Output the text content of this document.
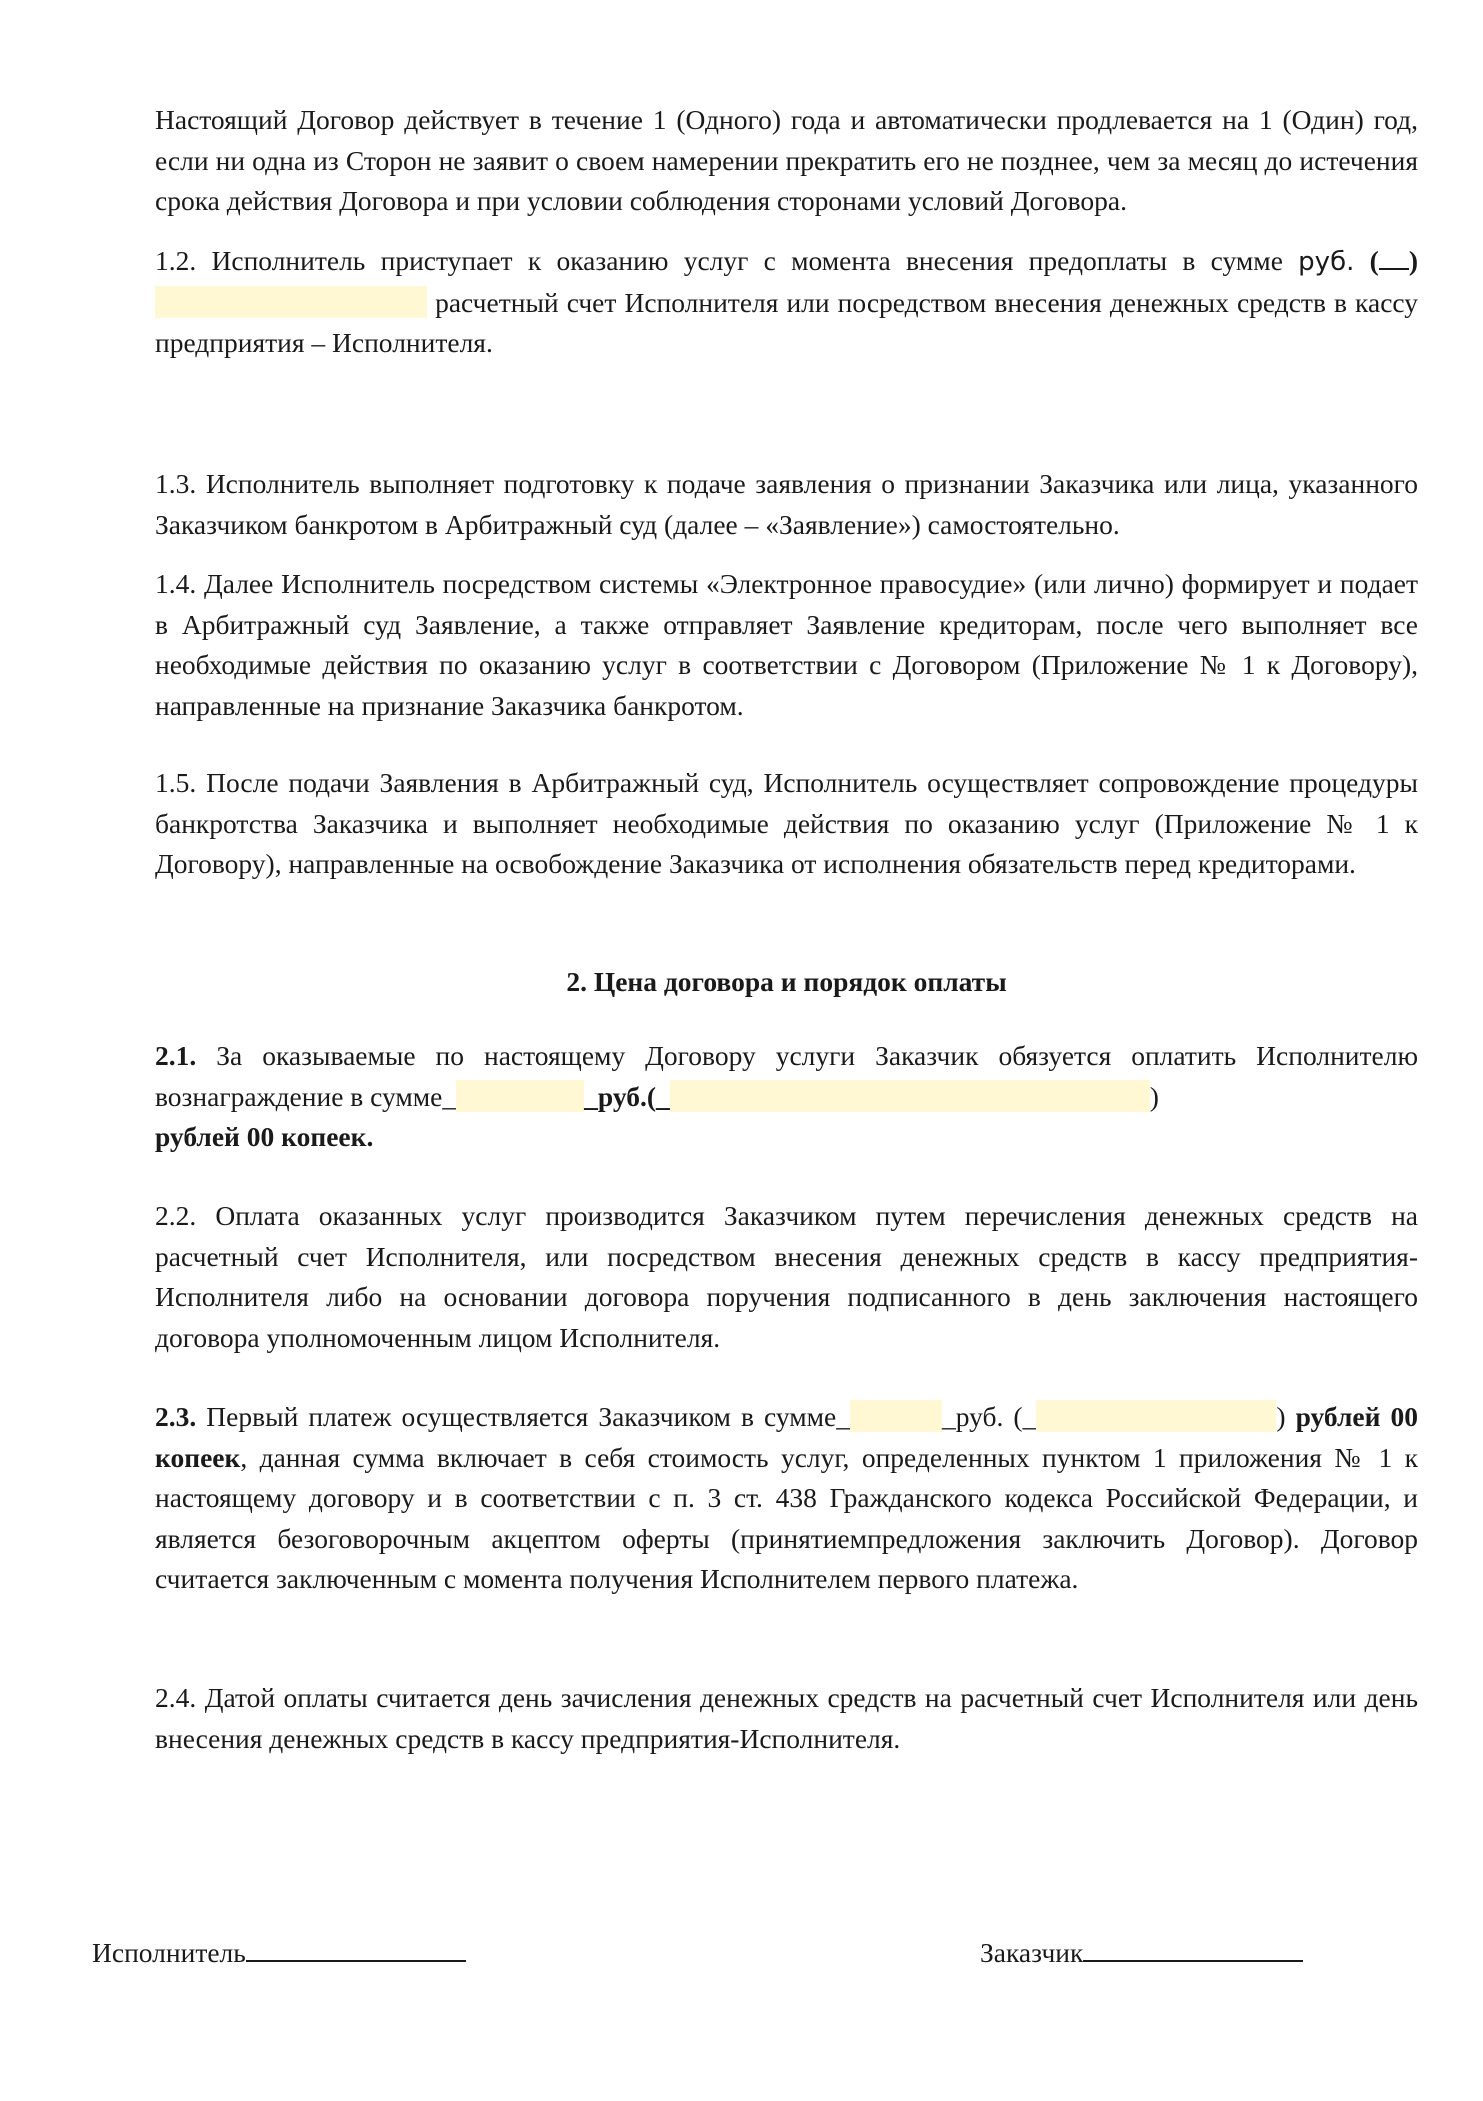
Настоящий Договор действует в течение 1 (Одного) года и автоматически продлевается на 1 (Один) год, если ни одна из Сторон не заявит о своем намерении прекратить его не позднее, чем за месяц до истечения срока действия Договора и при условии соблюдения сторонами условий Договора.

1.2. Исполнитель приступает к оказанию услуг с момента внесения предоплаты в сумме руб. ( )  расчетный счет Исполнителя или посредством внесения денежных средств в кассу предприятия – Исполнителя.

1.3. Исполнитель выполняет подготовку к подаче заявления о признании Заказчика или лица, указанного Заказчиком банкротом в Арбитражный суд (далее – «Заявление») самостоятельно.

1.4. Далее Исполнитель посредством системы «Электронное правосудие» (или лично) формирует и подает в Арбитражный суд Заявление, а также отправляет Заявление кредиторам, после чего выполняет все необходимые действия по оказанию услуг в соответствии с Договором (Приложение № 1 к Договору), направленные на признание Заказчика банкротом.

1.5. После подачи Заявления в Арбитражный суд, Исполнитель осуществляет сопровождение процедуры банкротства Заказчика и выполняет необходимые действия по оказанию услуг (Приложение № 1 к Договору), направленные на освобождение Заказчика от исполнения обязательств перед кредиторами.

2. Цена договора и порядок оплаты

2.1. За оказываемые по настоящему Договору услуги Заказчик обязуется оплатить Исполнителю вознаграждение в сумме_	_руб.(_	)
рублей 00 копеек.

2.2. Оплата оказанных услуг производится Заказчиком путем перечисления денежных средств на расчетный счет Исполнителя, или посредством внесения денежных средств в кассу предприятия-Исполнителя либо на основании договора поручения подписанного в день заключения настоящего договора уполномоченным лицом Исполнителя.

2.3. Первый платеж осуществляется Заказчиком в сумме_	_руб. (_	) рублей 00 копеек, данная сумма включает в себя стоимость услуг, определенных пунктом 1 приложения № 1 к настоящему договору и в соответствии с п. 3 ст. 438 Гражданского кодекса Российской Федерации, и является безоговорочным акцептом оферты (принятиемпредложения заключить Договор). Договор считается заключенным с момента получения Исполнителем первого платежа.

2.4. Датой оплаты считается день зачисления денежных средств на расчетный счет Исполнителя или день внесения денежных средств в кассу предприятия-Исполнителя.

Исполнитель	Заказчик
